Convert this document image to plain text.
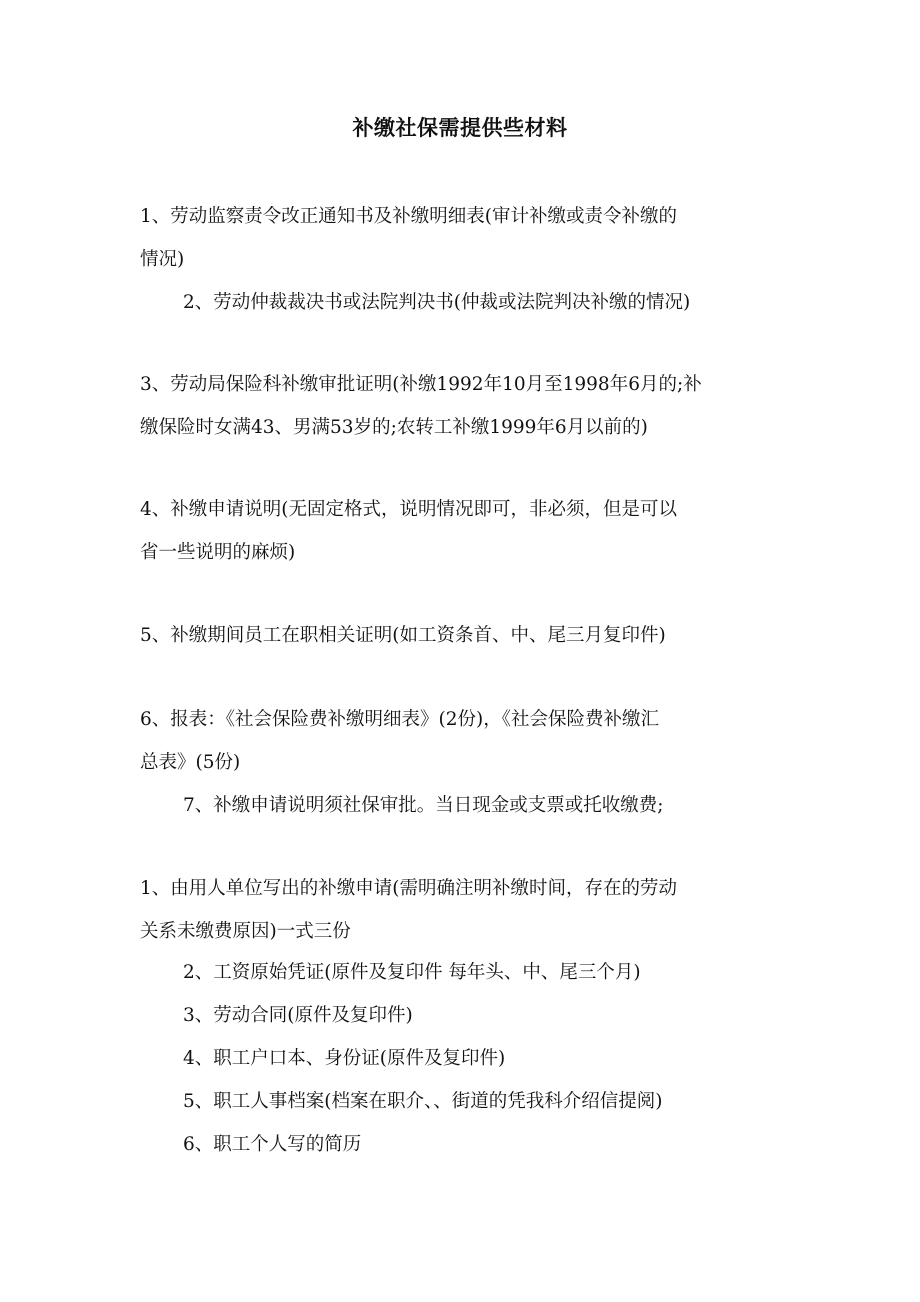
补缴社保需提供些材料
1、劳动监察责令改正通知书及补缴明细表(审计补缴或责令补缴的
情况)
2、劳动仲裁裁决书或法院判决书(仲裁或法院判决补缴的情况)
3、劳动局保险科补缴审批证明(补缴1992年10月至1998年6月的;补
缴保险时女满43、男满53岁的;农转工补缴1999年6月以前的)
4、补缴申请说明(无固定格式，说明情况即可，非必须，但是可以
省一些说明的麻烦)
5、补缴期间员工在职相关证明(如工资条首、中、尾三月复印件)
6、报表：《社会保险费补缴明细表》(2份)，《社会保险费补缴汇
总表》(5份)
7、补缴申请说明须社保审批。当日现金或支票或托收缴费;
1、由用人单位写出的补缴申请(需明确注明补缴时间，存在的劳动
关系未缴费原因)一式三份
2、工资原始凭证(原件及复印件 每年头、中、尾三个月)
3、劳动合同(原件及复印件)
4、职工户口本、身份证(原件及复印件)
5、职工人事档案(档案在职介、、街道的凭我科介绍信提阅)
6、职工个人写的简历
